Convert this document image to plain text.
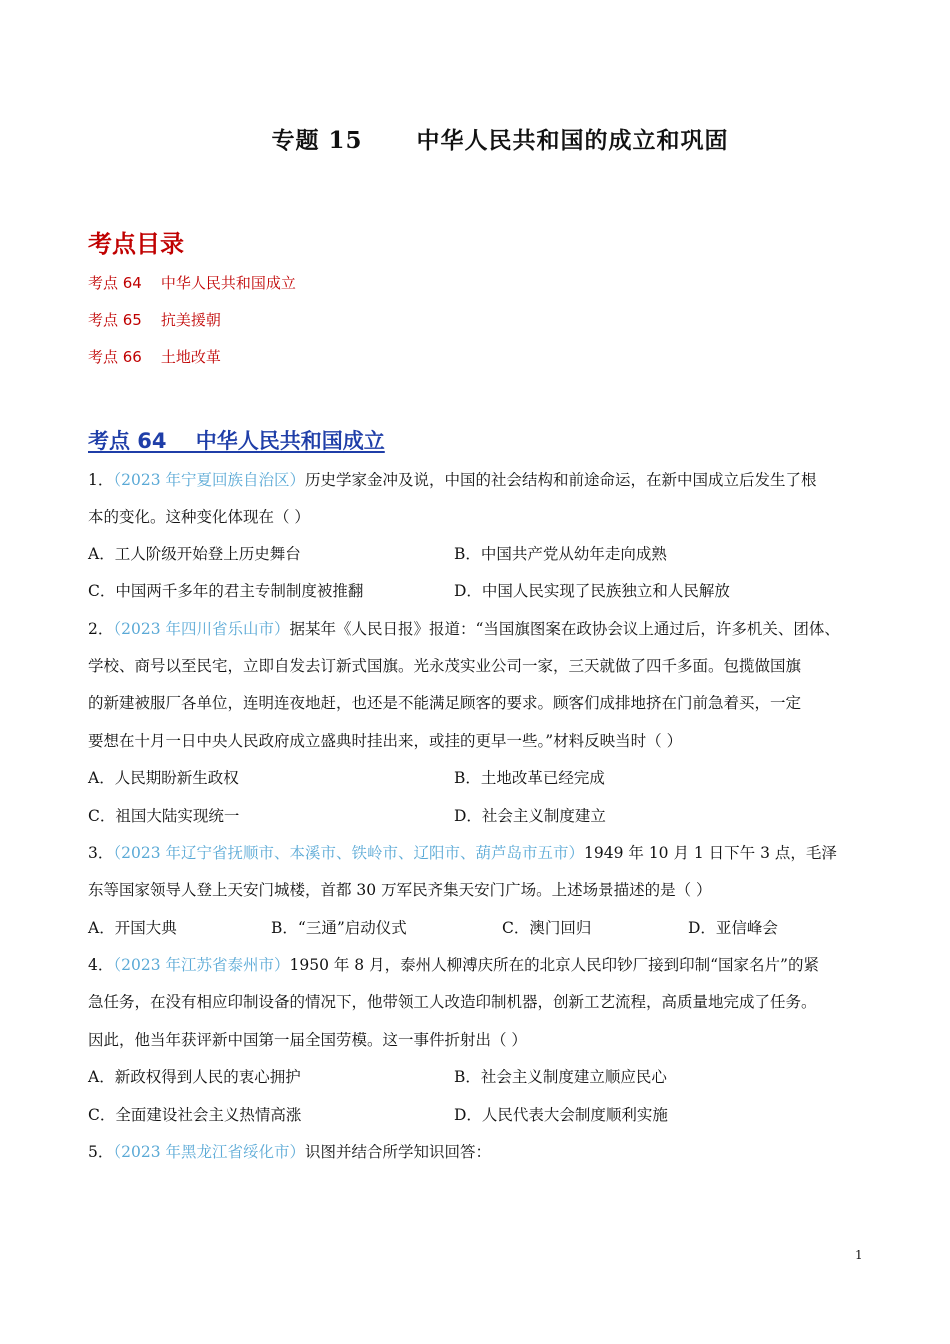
专题 15      中华人民共和国的成立和巩固
考点目录
考点 64    中华人民共和国成立
考点 65    抗美援朝
考点 66    土地改革
考点 64    中华人民共和国成立
1．（2023 年宁夏回族自治区）历史学家金冲及说，中国的社会结构和前途命运，在新中国成立后发生了根
本的变化。这种变化体现在（ ）
A．工人阶级开始登上历史舞台	B．中国共产党从幼年走向成熟
C．中国两千多年的君主专制制度被推翻	D．中国人民实现了民族独立和人民解放
2．（2023 年四川省乐山市）据某年《人民日报》报道：“当国旗图案在政协会议上通过后，许多机关、团体、
学校、商号以至民宅，立即自发去订新式国旗。光永茂实业公司一家，三天就做了四千多面。包揽做国旗
的新建被服厂各单位，连明连夜地赶，也还是不能满足顾客的要求。顾客们成排地挤在门前急着买，一定
要想在十月一日中央人民政府成立盛典时挂出来，或挂的更早一些。”材料反映当时（ ）
A．人民期盼新生政权	B．土地改革已经完成
C．祖国大陆实现统一	D．社会主义制度建立
3．（2023 年辽宁省抚顺市、本溪市、铁岭市、辽阳市、葫芦岛市五市）1949 年 10 月 1 日下午 3 点，毛泽
东等国家领导人登上天安门城楼，首都 30 万军民齐集天安门广场。上述场景描述的是（ ）
A．开国大典	B．“三通”启动仪式	C．澳门回归	D．亚信峰会
4．（2023 年江苏省泰州市）1950 年 8 月，泰州人柳溥庆所在的北京人民印钞厂接到印制“国家名片”的紧
急任务，在没有相应印制设备的情况下，他带领工人改造印制机器，创新工艺流程，高质量地完成了任务。
因此，他当年获评新中国第一届全国劳模。这一事件折射出（ ）
A．新政权得到人民的衷心拥护	B．社会主义制度建立顺应民心
C．全面建设社会主义热情高涨	D．人民代表大会制度顺利实施
5．（2023 年黑龙江省绥化市）识图并结合所学知识回答：
1
